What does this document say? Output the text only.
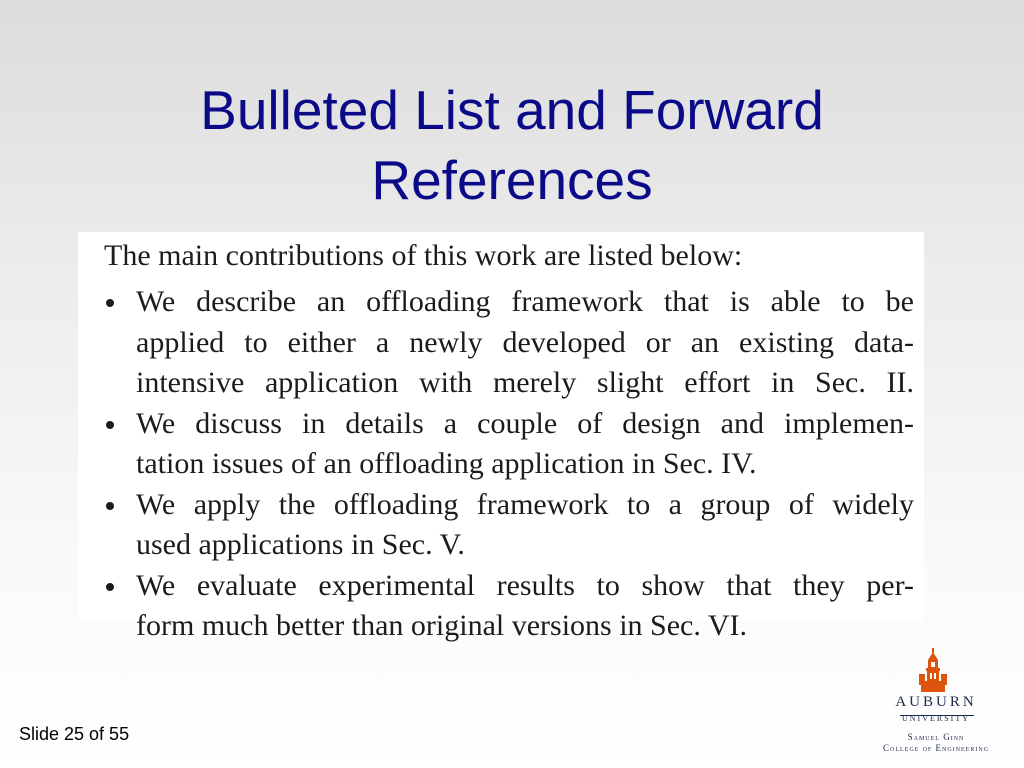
Bulleted List and Forward
References
The main contributions of this work are listed below:
We describe an offloading framework that is able to be
applied to either a newly developed or an existing data-
intensive application with merely slight effort in Sec. II.
We discuss in details a couple of design and implemen-
tation issues of an offloading application in Sec. IV.
We apply the offloading framework to a group of widely
used applications in Sec. V.
We evaluate experimental results to show that they per-
form much better than original versions in Sec. VI.
Slide 25 of 55
AUBURN
UNIVERSITY
Samuel Ginn
College of Engineering
